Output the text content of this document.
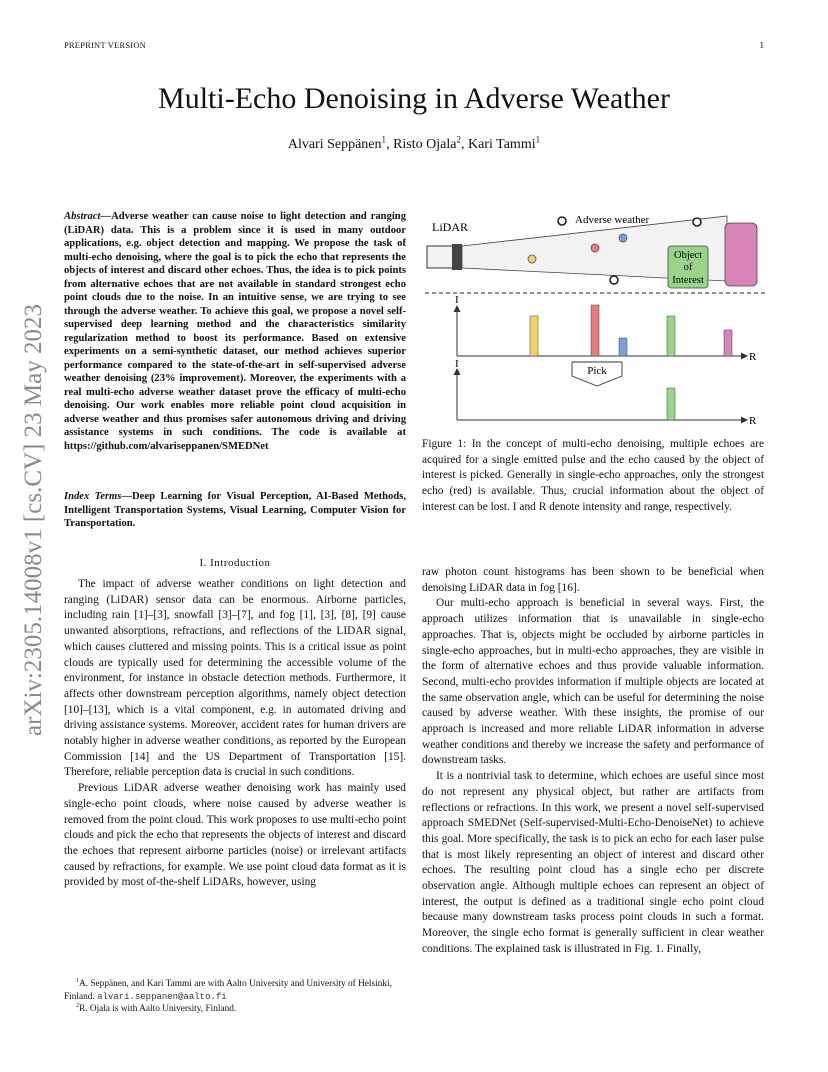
PREPRINT VERSION	1
arXiv:2305.14008v1 [cs.CV] 23 May 2023
Multi-Echo Denoising in Adverse Weather
Alvari Seppänen$^1$, Risto Ojala$^2$, Kari Tammi$^1$
Abstract—Adverse weather can cause noise to light detection and ranging (LiDAR) data. This is a problem since it is used in many outdoor applications, e.g. object detection and mapping. We propose the task of multi-echo denoising, where the goal is to pick the echo that represents the objects of interest and discard other echoes. Thus, the idea is to pick points from alternative echoes that are not available in standard strongest echo point clouds due to the noise. In an intuitive sense, we are trying to see through the adverse weather. To achieve this goal, we propose a novel self-supervised deep learning method and the characteristics similarity regularization method to boost its performance. Based on extensive experiments on a semi-synthetic dataset, our method achieves superior performance compared to the state-of-the-art in self-supervised adverse weather denoising (23% improvement). Moreover, the experiments with a real multi-echo adverse weather dataset prove the efficacy of multi-echo denoising. Our work enables more reliable point cloud acquisition in adverse weather and thus promises safer autonomous driving and driving assistance systems in such conditions. The code is available at https://github.com/alvariseppanen/SMEDNet
Index Terms—Deep Learning for Visual Perception, AI-Based Methods, Intelligent Transportation Systems, Visual Learning, Computer Vision for Transportation.
I. Introduction

The impact of adverse weather conditions on light detection and ranging (LiDAR) sensor data can be enormous. Airborne particles, including rain [1]–[3], snowfall [3]–[7], and fog [1], [3], [8], [9] cause unwanted absorptions, refractions, and reflections of the LIDAR signal, which causes cluttered and missing points. This is a critical issue as point clouds are typically used for determining the accessible volume of the environment, for instance in obstacle detection methods. Furthermore, it affects other downstream perception algorithms, namely object detection [10]–[13], which is a vital component, e.g. in automated driving and driving assistance systems. Moreover, accident rates for human drivers are notably higher in adverse weather conditions, as reported by the European Commission [14] and the US Department of Transportation [15]. Therefore, reliable perception data is crucial in such conditions.

Previous LiDAR adverse weather denoising work has mainly used single-echo point clouds, where noise caused by adverse weather is removed from the point cloud. This work proposes to use multi-echo point clouds and pick the echo that represents the objects of interest and discard the echoes that represent airborne particles (noise) or irrelevant artifacts caused by refractions, for example. We use point cloud data format as it is provided by most of-the-shelf LiDARs, however, using

$^1$A. Seppänen, and Kari Tammi are with Aalto University and University of Helsinki, Finland. alvari.seppanen@aalto.fi

$^2$R. Ojala is with Aalto University, Finland.

LiDAR	Adverse weather
Object
of
Interest
I
R
Pick
I
R
Figure 1: In the concept of multi-echo denoising, multiple echoes are acquired for a single emitted pulse and the echo caused by the object of interest is picked. Generally in single-echo approaches, only the strongest echo (red) is available. Thus, crucial information about the object of interest can be lost. I and R denote intensity and range, respectively.

raw photon count histograms has been shown to be beneficial when denoising LiDAR data in fog [16].

Our multi-echo approach is beneficial in several ways. First, the approach utilizes information that is unavailable in single-echo approaches. That is, objects might be occluded by airborne particles in single-echo approaches, but in multi-echo approaches, they are visible in the form of alternative echoes and thus provide valuable information. Second, multi-echo provides information if multiple objects are located at the same observation angle, which can be useful for determining the noise caused by adverse weather. With these insights, the promise of our approach is increased and more reliable LiDAR information in adverse weather conditions and thereby we increase the safety and performance of downstream tasks.

It is a nontrivial task to determine, which echoes are useful since most do not represent any physical object, but rather are artifacts from reflections or refractions. In this work, we present a novel self-supervised approach SMEDNet (Self-supervised-Multi-Echo-DenoiseNet) to achieve this goal. More specifically, the task is to pick an echo for each laser pulse that is most likely representing an object of interest and discard other echoes. The resulting point cloud has a single echo per discrete observation angle. Although multiple echoes can represent an object of interest, the output is defined as a traditional single echo point cloud because many downstream tasks process point clouds in such a format. Moreover, the single echo format is generally sufficient in clear weather conditions. The explained task is illustrated in Fig. 1. Finally,
